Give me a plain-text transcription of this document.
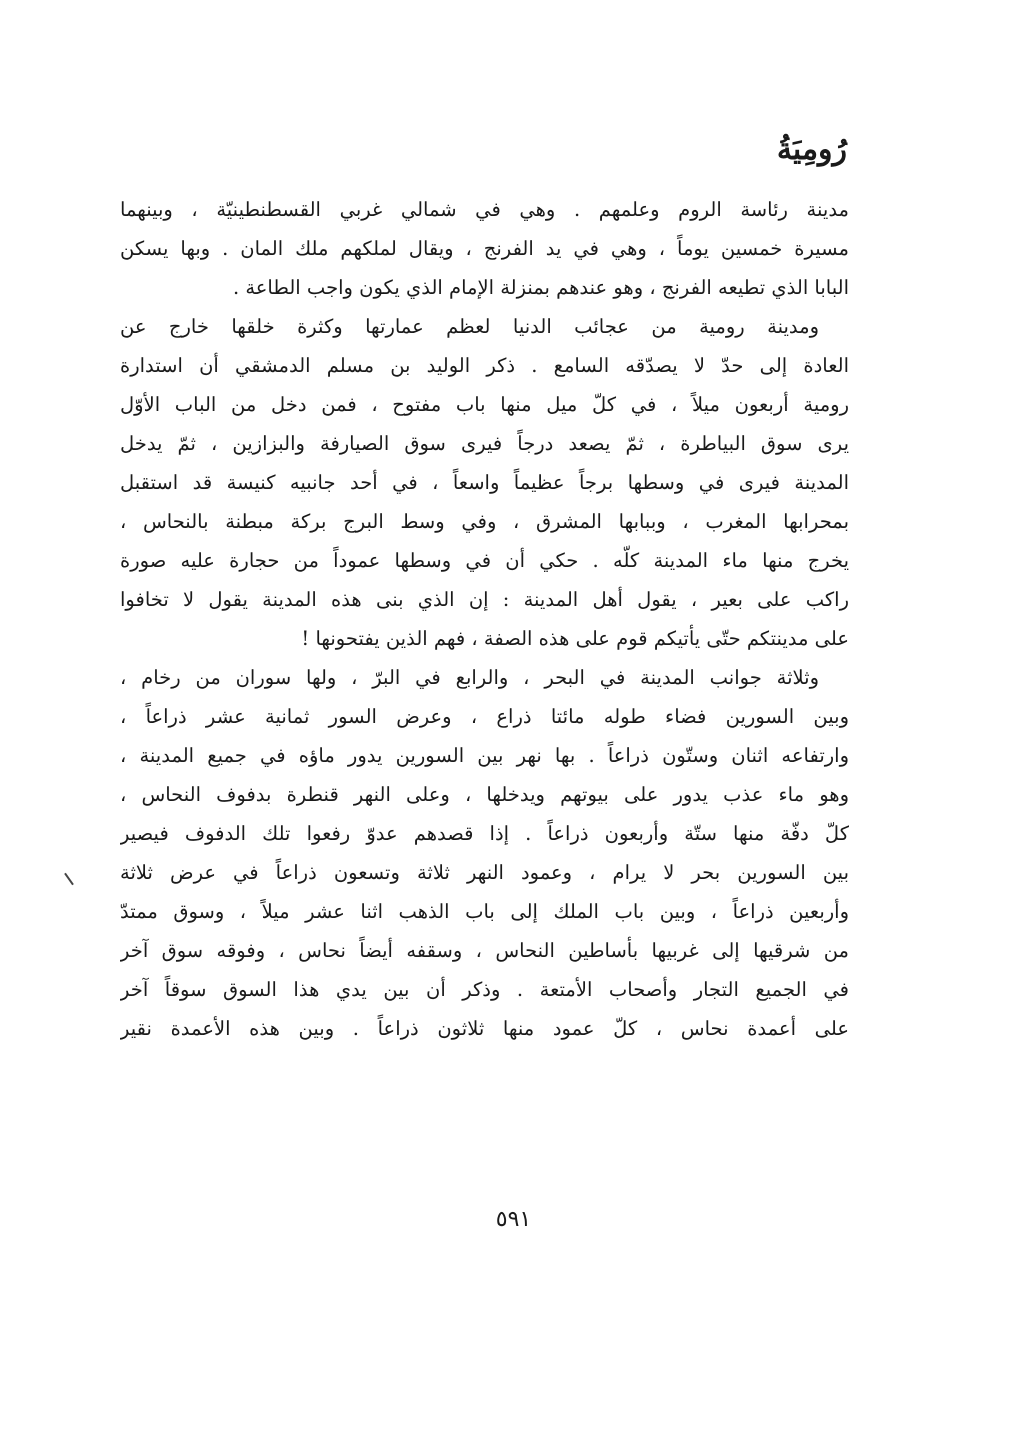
رُومِيَةُ
مدينة رئاسة الروم وعلمهم . وهي في شمالي غربي القسطنطينيّة ، وبينهما
مسيرة خمسين يوماً ، وهي في يد الفرنج ، ويقال لملكهم ملك المان . وبها يسكن
البابا الذي تطيعه الفرنج ، وهو عندهم بمنزلة الإمام الذي يكون واجب الطاعة .
ومدينة رومية من عجائب الدنيا لعظم عمارتها وكثرة خلقها خارج عن
العادة إلى حدّ لا يصدّقه السامع . ذكر الوليد بن مسلم الدمشقي أن استدارة
رومية أربعون ميلاً ، في كلّ ميل منها باب مفتوح ، فمن دخل من الباب الأوّل
يرى سوق البياطرة ، ثمّ يصعد درجاً فيرى سوق الصيارفة والبزازين ، ثمّ يدخل
المدينة فيرى في وسطها برجاً عظيماً واسعاً ، في أحد جانبيه كنيسة قد استقبل
بمحرابها المغرب ، وببابها المشرق ، وفي وسط البرج بركة مبطنة بالنحاس ،
يخرج منها ماء المدينة كلّه . حكي أن في وسطها عموداً من حجارة عليه صورة
راكب على بعير ، يقول أهل المدينة : إن الذي بنى هذه المدينة يقول لا تخافوا
على مدينتكم حتّى يأتيكم قوم على هذه الصفة ، فهم الذين يفتحونها !
وثلاثة جوانب المدينة في البحر ، والرابع في البرّ ، ولها سوران من رخام ،
وبين السورين فضاء طوله مائتا ذراع ، وعرض السور ثمانية عشر ذراعاً ،
وارتفاعه اثنان وستّون ذراعاً . بها نهر بين السورين يدور ماؤه في جميع المدينة ،
وهو ماء عذب يدور على بيوتهم ويدخلها ، وعلى النهر قنطرة بدفوف النحاس ،
كلّ دفّة منها ستّة وأربعون ذراعاً . إذا قصدهم عدوّ رفعوا تلك الدفوف فيصير
بين السورين بحر لا يرام ، وعمود النهر ثلاثة وتسعون ذراعاً في عرض ثلاثة
وأربعين ذراعاً ، وبين باب الملك إلى باب الذهب اثنا عشر ميلاً ، وسوق ممتدّ
من شرقيها إلى غربيها بأساطين النحاس ، وسقفه أيضاً نحاس ، وفوقه سوق آخر
في الجميع التجار وأصحاب الأمتعة . وذكر أن بين يدي هذا السوق سوقاً آخر
على أعمدة نحاس ، كلّ عمود منها ثلاثون ذراعاً . وبين هذه الأعمدة نقير
٥٩١
